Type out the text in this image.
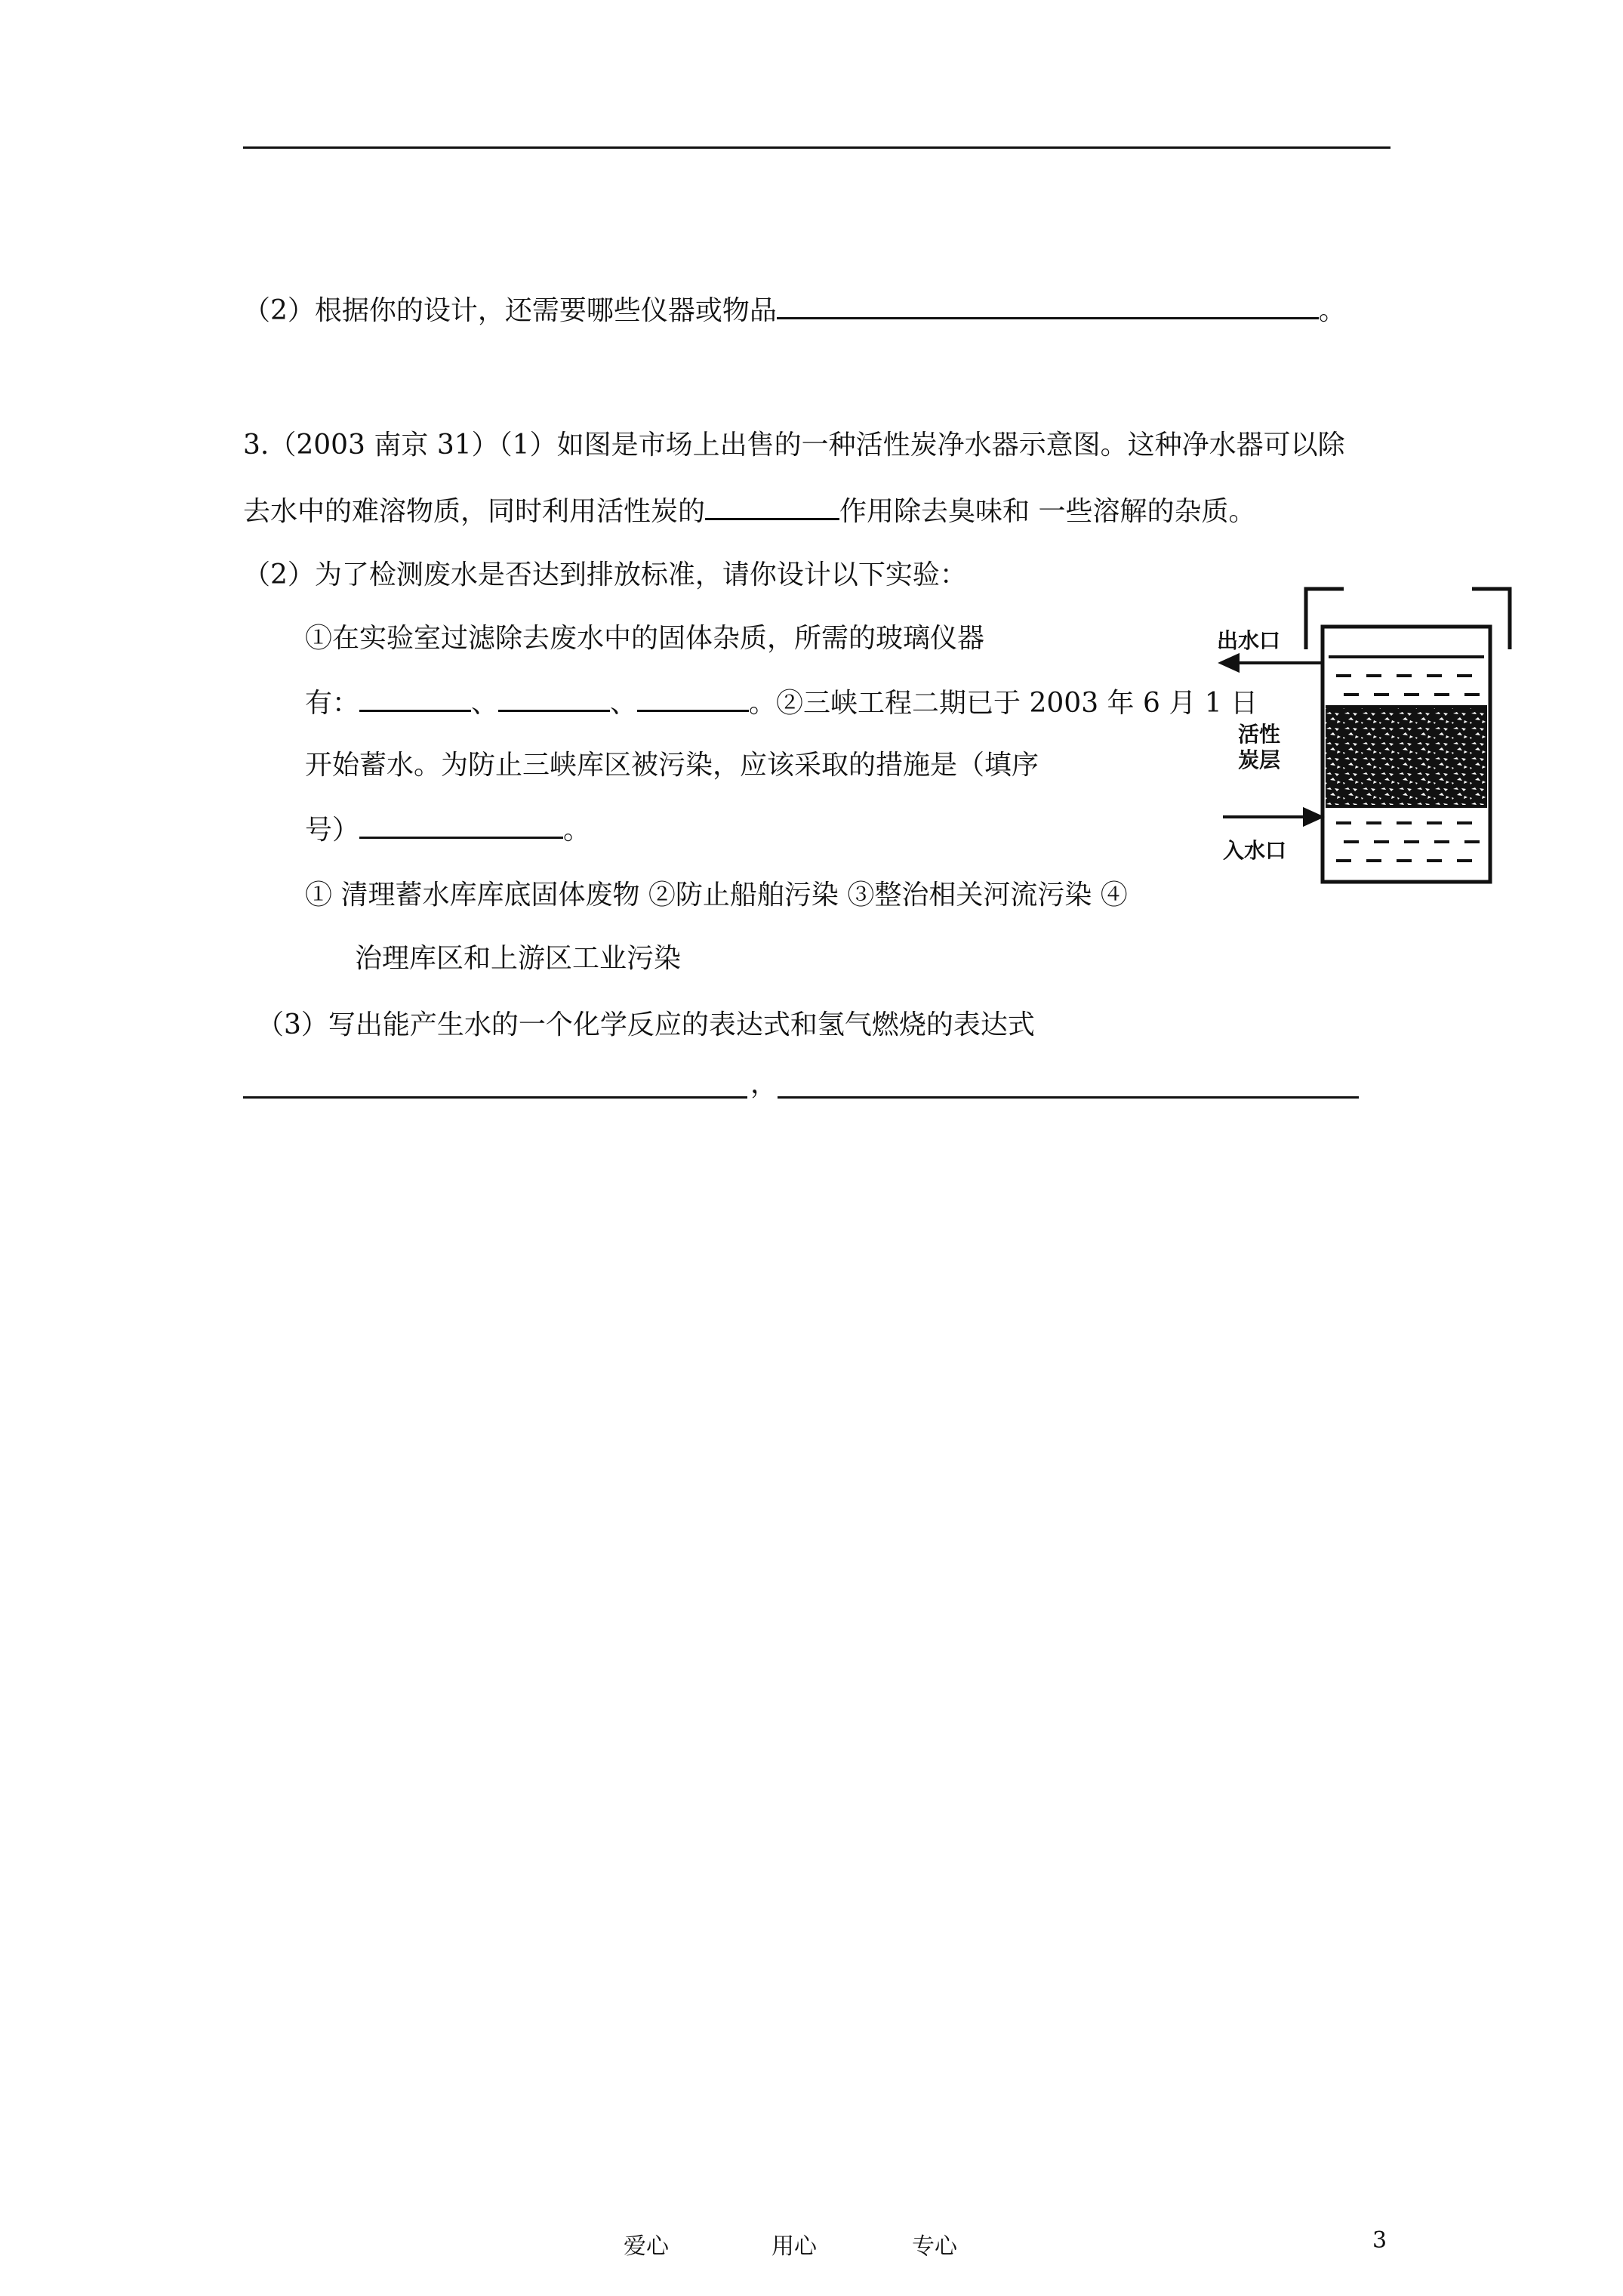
（2）根据你的设计，还需要哪些仪器或物品	。
3.（2003 南京 31）（1）如图是市场上出售的一种活性炭净水器示意图。这种净水器可以除
去水中的难溶物质，同时利用活性炭的	作用除去臭味和 一些溶解的杂质。
（2）为了检测废水是否达到排放标准，请你设计以下实验：
①在实验室过滤除去废水中的固体杂质，所需的玻璃仪器
有：	、	、	。②三峡工程二期已于 2003 年 6 月 1 日
开始蓄水。为防止三峡库区被污染，应该采取的措施是（填序
号）	。
① 清理蓄水库库底固体废物 ②防止船舶污染 ③整治相关河流污染 ④
治理库区和上游区工业污染
（3）写出能产生水的一个化学反应的表达式和氢气燃烧的表达式
，
出水口
活性
炭层
入水口
爱心	用心	专心	3
